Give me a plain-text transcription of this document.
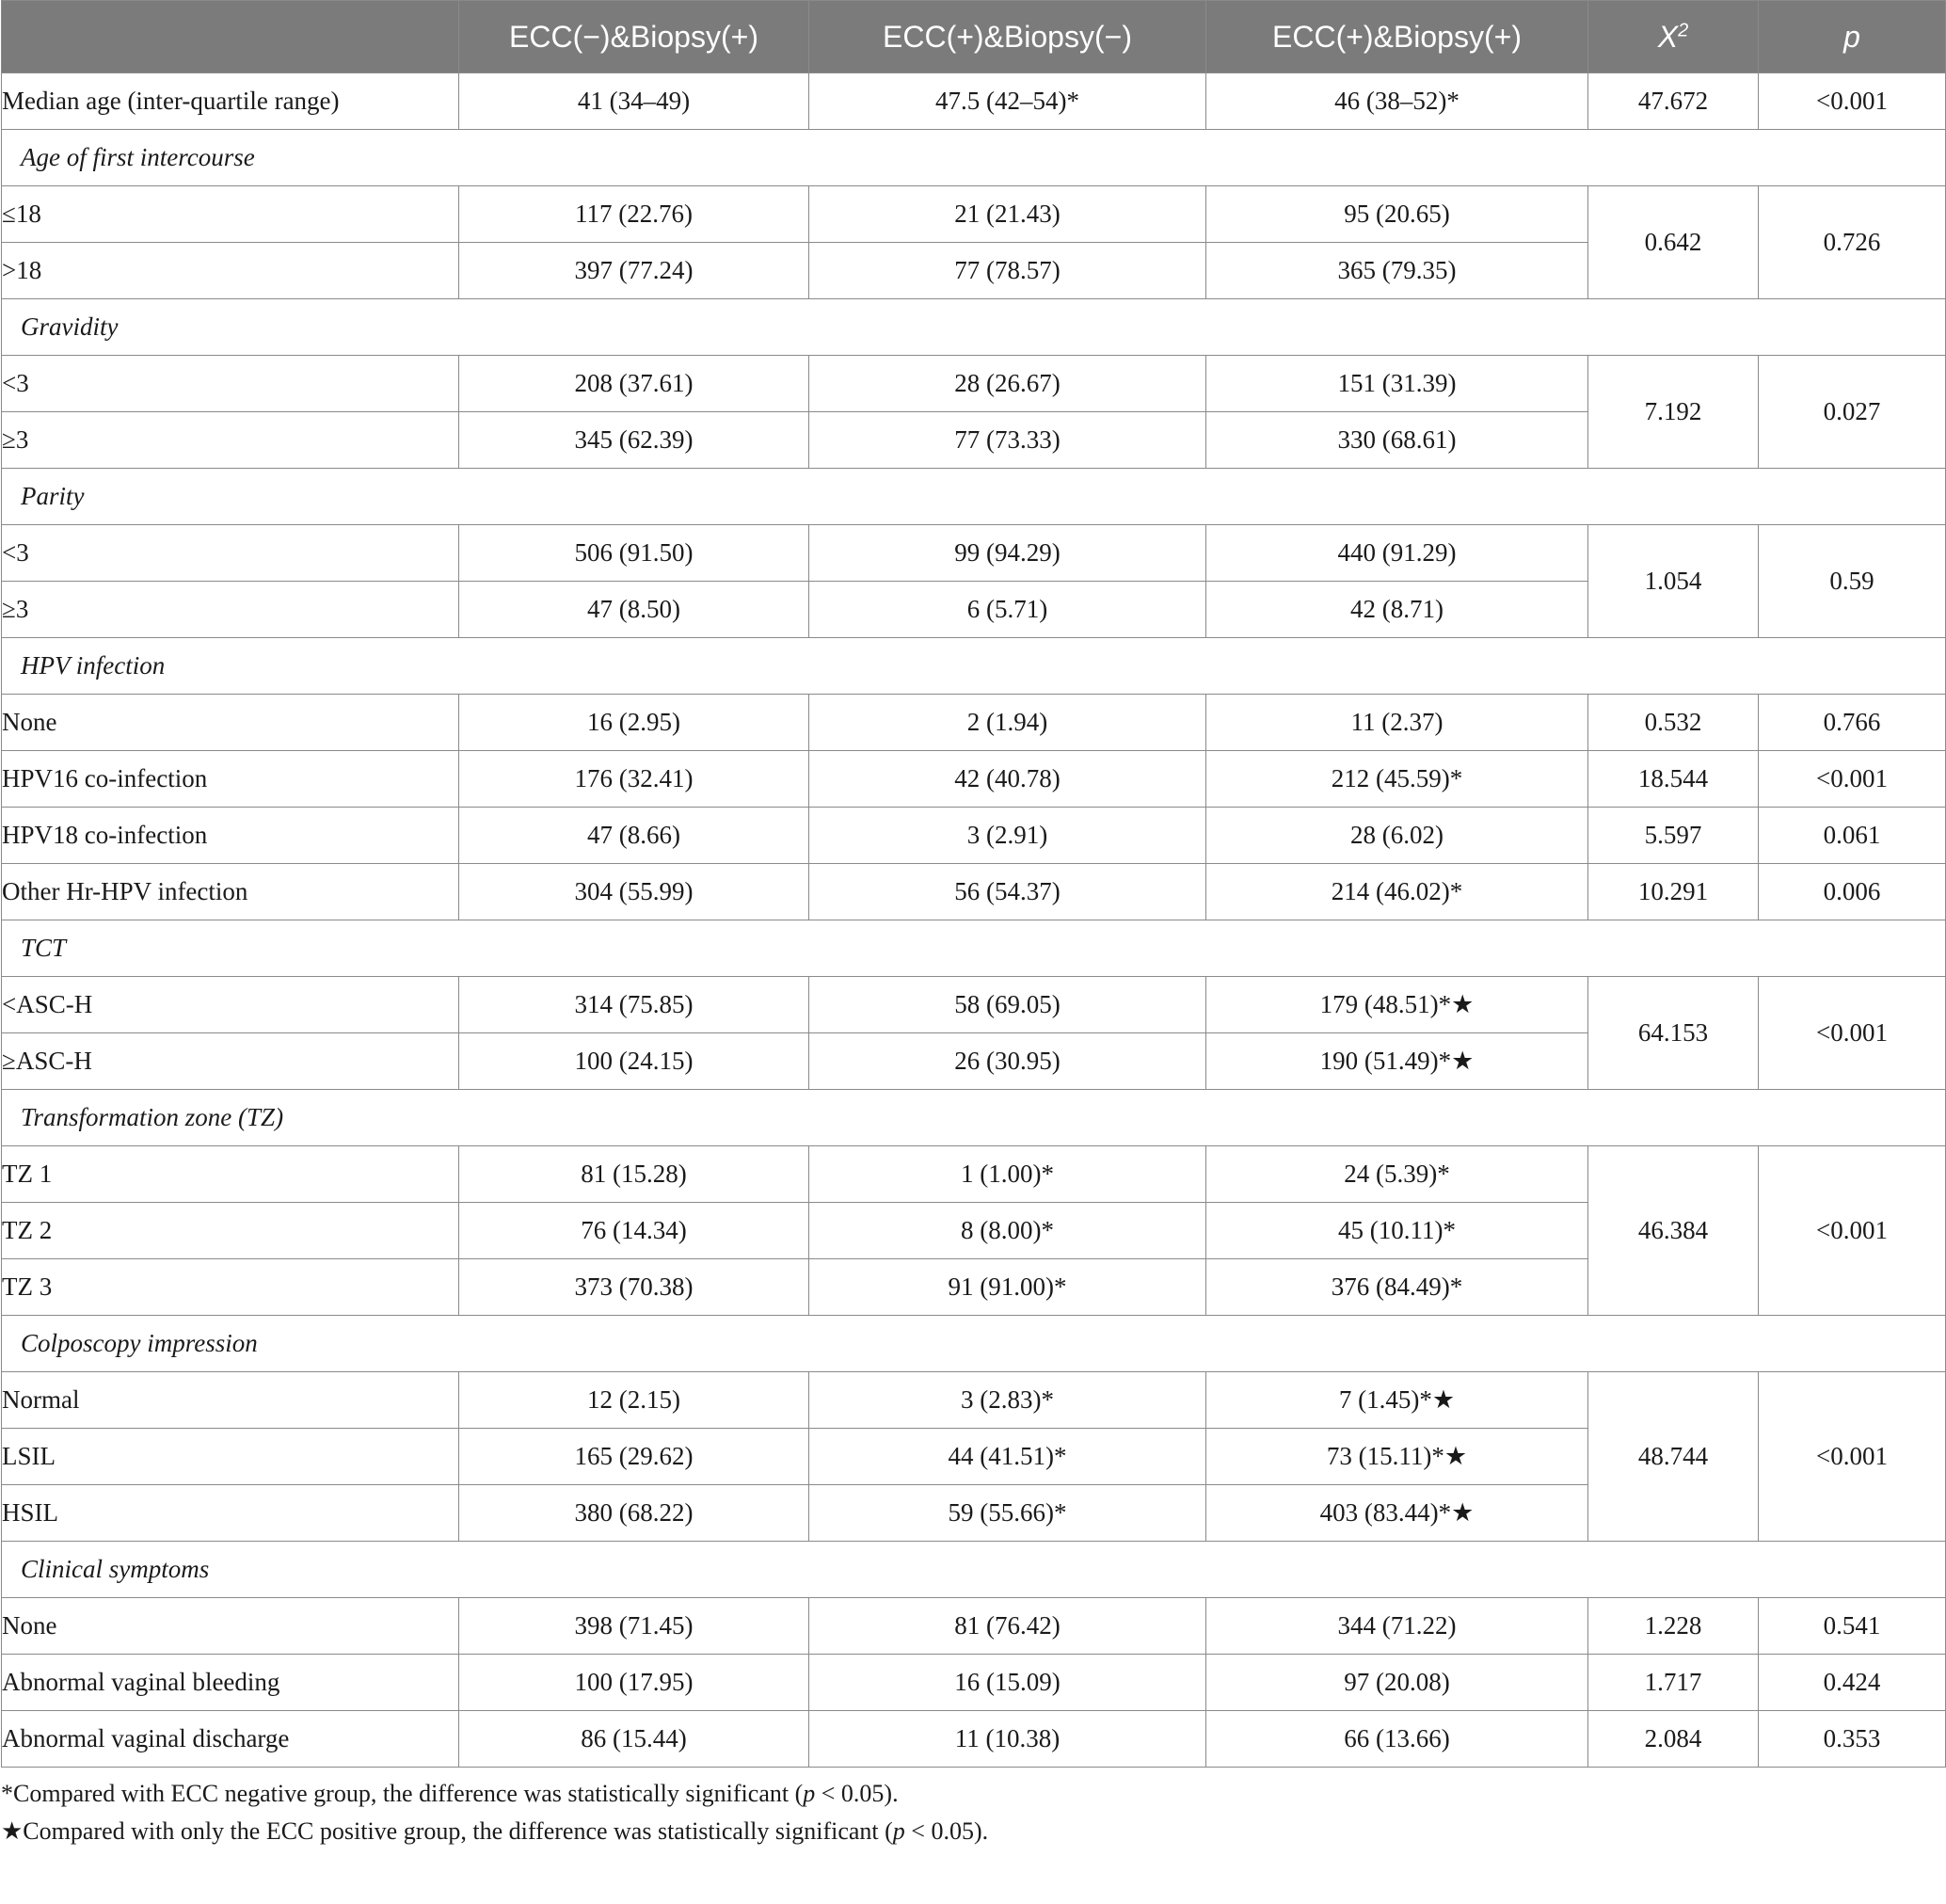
	ECC(−)&Biopsy(+)	ECC(+)&Biopsy(−)	ECC(+)&Biopsy(+)	$X^2$	p
Median age (inter-quartile range)	41 (34–49)	47.5 (42–54)*	46 (38–52)*	47.672	<0.001
Age of first intercourse					
≤18	117 (22.76)	21 (21.43)	95 (20.65)	0.642	0.726
>18	397 (77.24)	77 (78.57)	365 (79.35)		
Gravidity					
<3	208 (37.61)	28 (26.67)	151 (31.39)	7.192	0.027
≥3	345 (62.39)	77 (73.33)	330 (68.61)		
Parity					
<3	506 (91.50)	99 (94.29)	440 (91.29)	1.054	0.59
≥3	47 (8.50)	6 (5.71)	42 (8.71)		
HPV infection					
None	16 (2.95)	2 (1.94)	11 (2.37)	0.532	0.766
HPV16 co-infection	176 (32.41)	42 (40.78)	212 (45.59)*	18.544	<0.001
HPV18 co-infection	47 (8.66)	3 (2.91)	28 (6.02)	5.597	0.061
Other Hr-HPV infection	304 (55.99)	56 (54.37)	214 (46.02)*	10.291	0.006
TCT					
<ASC-H	314 (75.85)	58 (69.05)	179 (48.51)*★	64.153	<0.001
≥ASC-H	100 (24.15)	26 (30.95)	190 (51.49)*★		
Transformation zone (TZ)					
TZ 1	81 (15.28)	1 (1.00)*	24 (5.39)*	46.384	<0.001
TZ 2	76 (14.34)	8 (8.00)*	45 (10.11)*		
TZ 3	373 (70.38)	91 (91.00)*	376 (84.49)*		
Colposcopy impression					
Normal	12 (2.15)	3 (2.83)*	7 (1.45)*★	48.744	<0.001
LSIL	165 (29.62)	44 (41.51)*	73 (15.11)*★		
HSIL	380 (68.22)	59 (55.66)*	403 (83.44)*★		
Clinical symptoms					
None	398 (71.45)	81 (76.42)	344 (71.22)	1.228	0.541
Abnormal vaginal bleeding	100 (17.95)	16 (15.09)	97 (20.08)	1.717	0.424
Abnormal vaginal discharge	86 (15.44)	11 (10.38)	66 (13.66)	2.084	0.353
*Compared with ECC negative group, the difference was statistically significant (p < 0.05).
★Compared with only the ECC positive group, the difference was statistically significant (p < 0.05).
